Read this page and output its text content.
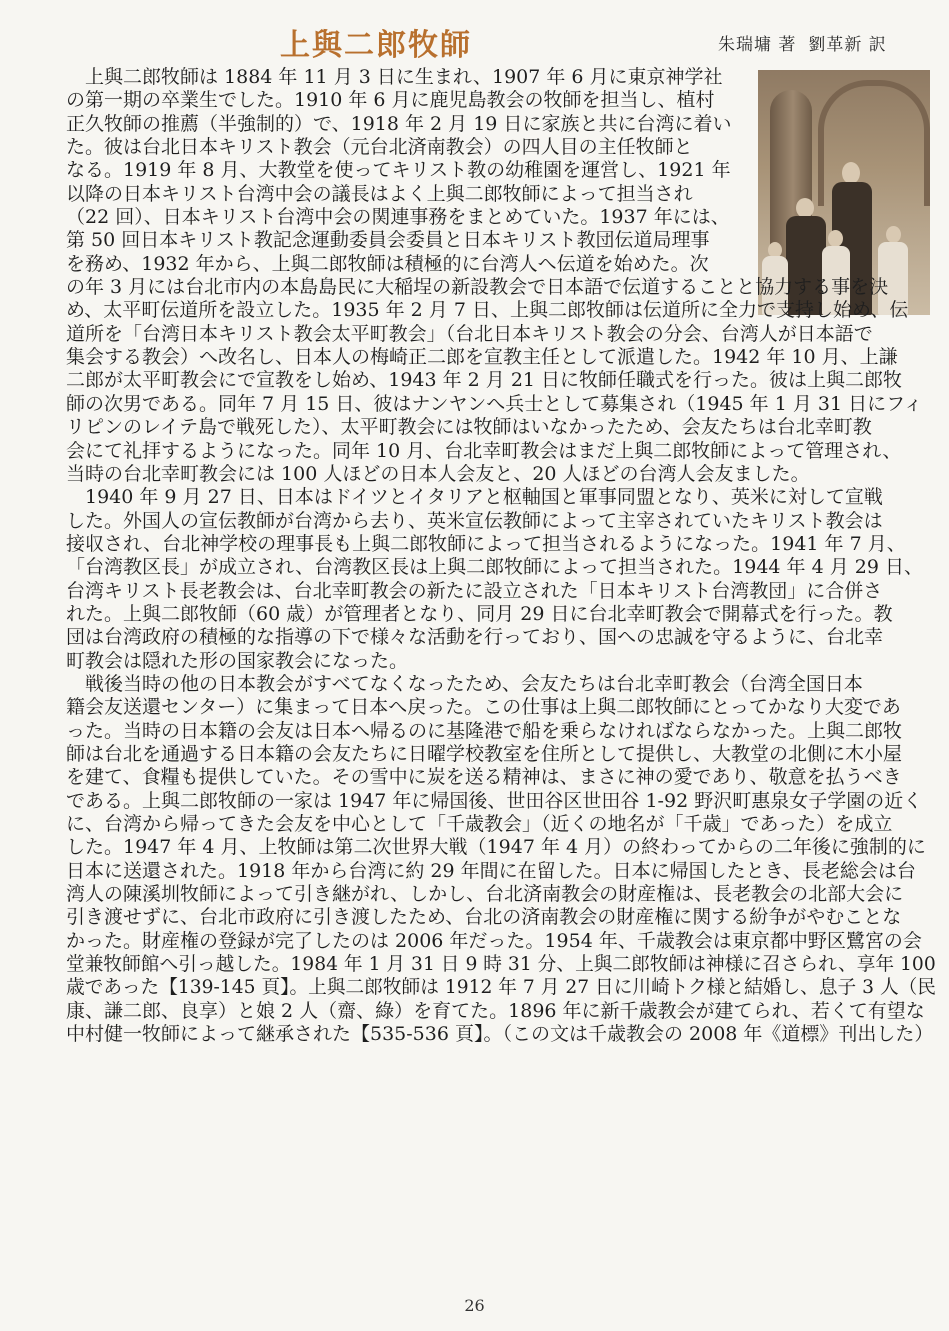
上與二郎牧師	朱瑞墉 著 劉革新 訳
　上與二郎牧師は 1884 年 11 月 3 日に生まれ、1907 年 6 月に東京神学社
の第一期の卒業生でした。1910 年 6 月に鹿児島教会の牧師を担当し、植村
正久牧師の推薦（半強制的）で、1918 年 2 月 19 日に家族と共に台湾に着い
た。彼は台北日本キリスト教会（元台北済南教会）の四人目の主任牧師と
なる。1919 年 8 月、大教堂を使ってキリスト教の幼稚園を運営し、1921 年
以降の日本キリスト台湾中会の議長はよく上與二郎牧師によって担当され
（22 回）、日本キリスト台湾中会の関連事務をまとめていた。1937 年には、
第 50 回日本キリスト教記念運動委員会委員と日本キリスト教団伝道局理事
を務め、1932 年から、上與二郎牧師は積極的に台湾人へ伝道を始めた。次
の年 3 月には台北市内の本島島民に大稲埕の新設教会で日本語で伝道することと協力する事を決
め、太平町伝道所を設立した。1935 年 2 月 7 日、上與二郎牧師は伝道所に全力で支持し始め、伝
道所を「台湾日本キリスト教会太平町教会」（台北日本キリスト教会の分会、台湾人が日本語で
集会する教会）へ改名し、日本人の梅崎正二郎を宣教主任として派遣した。1942 年 10 月、上謙
二郎が太平町教会にで宣教をし始め、1943 年 2 月 21 日に牧師任職式を行った。彼は上與二郎牧
師の次男である。同年 7 月 15 日、彼はナンヤンへ兵士として募集され（1945 年 1 月 31 日にフィ
リピンのレイテ島で戦死した）、太平町教会には牧師はいなかったため、会友たちは台北幸町教
会にて礼拝するようになった。同年 10 月、台北幸町教会はまだ上與二郎牧師によって管理され、
当時の台北幸町教会には 100 人ほどの日本人会友と、20 人ほどの台湾人会友ました。
　1940 年 9 月 27 日、日本はドイツとイタリアと枢軸国と軍事同盟となり、英米に対して宣戦
した。外国人の宣伝教師が台湾から去り、英米宣伝教師によって主宰されていたキリスト教会は
接収され、台北神学校の理事長も上與二郎牧師によって担当されるようになった。1941 年 7 月、
「台湾教区長」が成立され、台湾教区長は上與二郎牧師によって担当された。1944 年 4 月 29 日、
台湾キリスト長老教会は、台北幸町教会の新たに設立された「日本キリスト台湾教団」に合併さ
れた。上與二郎牧師（60 歳）が管理者となり、同月 29 日に台北幸町教会で開幕式を行った。教
団は台湾政府の積極的な指導の下で様々な活動を行っており、国への忠誠を守るように、台北幸
町教会は隠れた形の国家教会になった。
　戦後当時の他の日本教会がすべてなくなったため、会友たちは台北幸町教会（台湾全国日本
籍会友送還センター）に集まって日本へ戻った。この仕事は上與二郎牧師にとってかなり大変であ
った。当時の日本籍の会友は日本へ帰るのに基隆港で船を乗らなければならなかった。上與二郎牧
師は台北を通過する日本籍の会友たちに日曜学校教室を住所として提供し、大教堂の北側に木小屋
を建て、食糧も提供していた。その雪中に炭を送る精神は、まさに神の愛であり、敬意を払うべき
である。上與二郎牧師の一家は 1947 年に帰国後、世田谷区世田谷 1-92 野沢町惠泉女子学園の近く
に、台湾から帰ってきた会友を中心として「千歳教会」（近くの地名が「千歳」であった）を成立
した。1947 年 4 月、上牧師は第二次世界大戦（1947 年 4 月）の終わってからの二年後に強制的に
日本に送還された。1918 年から台湾に約 29 年間に在留した。日本に帰国したとき、長老総会は台
湾人の陳溪圳牧師によって引き継がれ、しかし、台北済南教会の財産権は、長老教会の北部大会に
引き渡せずに、台北市政府に引き渡したため、台北の済南教会の財産権に関する紛争がやむことな
かった。財産権の登録が完了したのは 2006 年だった。1954 年、千歳教会は東京都中野区鷺宮の会
堂兼牧師館へ引っ越した。1984 年 1 月 31 日 9 時 31 分、上與二郎牧師は神様に召さられ、享年 100
歳であった【139-145 頁】。上與二郎牧師は 1912 年 7 月 27 日に川崎トク様と結婚し、息子 3 人（民
康、謙二郎、良享）と娘 2 人（齋、綠）を育てた。1896 年に新千歳教会が建てられ、若くて有望な
中村健一牧師によって継承された【535-536 頁】。（この文は千歳教会の 2008 年《道標》刊出した）
26
